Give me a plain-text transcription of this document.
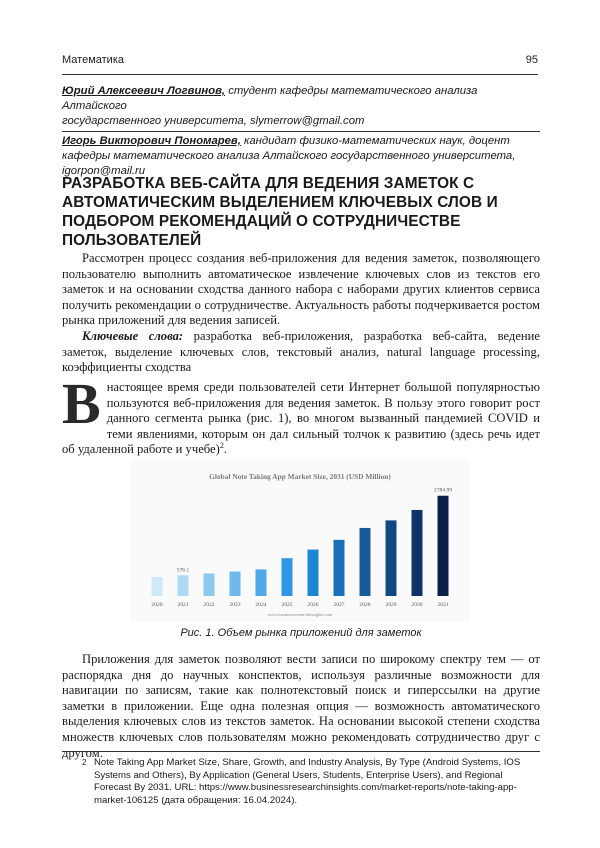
Математика	95
Юрий Алексеевич Логвинов, студент кафедры математического анализа Алтайского
государственного университета, slymerrow@gmail.com
Игорь Викторович Пономарев, кандидат физико-математических наук, доцент
кафедры математического анализа Алтайского государственного университета, igorpon@mail.ru
РАЗРАБОТКА ВЕБ-САЙТА ДЛЯ ВЕДЕНИЯ ЗАМЕТОК С АВТОМАТИЧЕСКИМ ВЫДЕЛЕНИЕМ КЛЮЧЕВЫХ СЛОВ И ПОДБОРОМ РЕКОМЕНДАЦИЙ О СОТРУДНИЧЕСТВЕ ПОЛЬЗОВАТЕЛЕЙ

Рассмотрен процесс создания веб-приложения для ведения заметок, позволяющего пользователю выполнить автоматическое извлечение ключевых слов из текстов его заметок и на основании сходства данного набора с наборами других клиентов сервиса получить рекомендации о сотрудничестве. Актуальность работы подчеркивается ростом рынка приложений для ведения записей.

Ключевые слова: разработка веб-приложения, разработка веб-сайта, ведение заметок, выделение ключевых слов, текстовый анализ, natural language processing, коэффициенты сходства

Внастоящее время среди пользователей сети Интернет большой популярностью пользуются веб-приложения для ведения заметок. В пользу этого говорит рост данного сегмента рынка (рис. 1), во многом вызванный пандемией COVID и теми явлениями, которым он дал сильный толчок к развитию (здесь речь идет об удаленной работе и учебе)$^2$.
Global Note Taking App Market Size, 2031 (USD Million)
2020	2021	2022	2023	2024	2025	2026	2027	2028	2029	2030	2031
576.1
2784.99
www.businessresearchinsights.com
Рис. 1. Объем рынка приложений для заметок

Приложения для заметок позволяют вести записи по широкому спектру тем — от распорядка дня до научных конспектов, используя различные возможности для навигации по записям, такие как полнотекстовый поиск и гиперссылки на другие заметки в приложении. Еще одна полезная опция — возможность автоматического выделения ключевых слов из текстов заметок. На основании высокой степени сходства множеств ключевых слов пользователям можно рекомендовать сотрудничество друг с другом.

2 Note Taking App Market Size, Share, Growth, and Industry Analysis, By Type (Android Systems, IOS Systems and Others), By Application (General Users, Students, Enterprise Users), and Regional Forecast By 2031. URL: https://www.businessresearchinsights.com/market-reports/note-taking-app-market-106125 (дата обращения: 16.04.2024).
